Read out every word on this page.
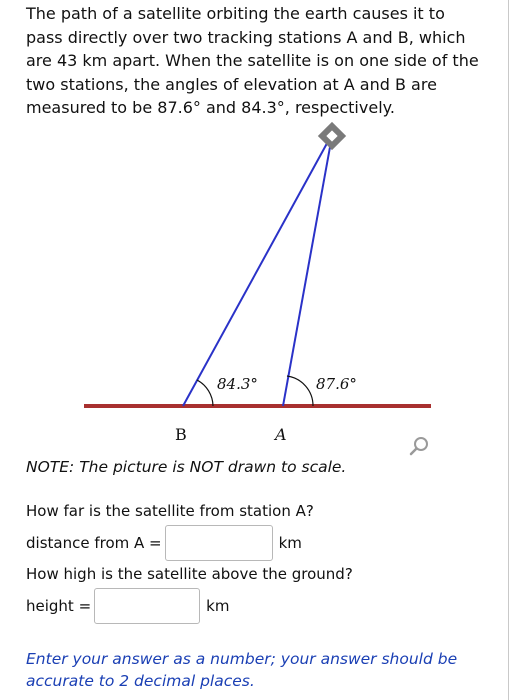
The path of a satellite orbiting the earth causes it to pass directly over two tracking stations A and B, which are 43 km apart. When the satellite is on one side of the two stations, the angles of elevation at A and B are measured to be 87.6° and 84.3°, respectively.
84.3°	87.6°
B	A
NOTE: The picture is NOT drawn to scale.
How far is the satellite from station A?
distance from A =	km
How high is the satellite above the ground?
height =	km
Enter your answer as a number; your answer should be accurate to 2 decimal places.
